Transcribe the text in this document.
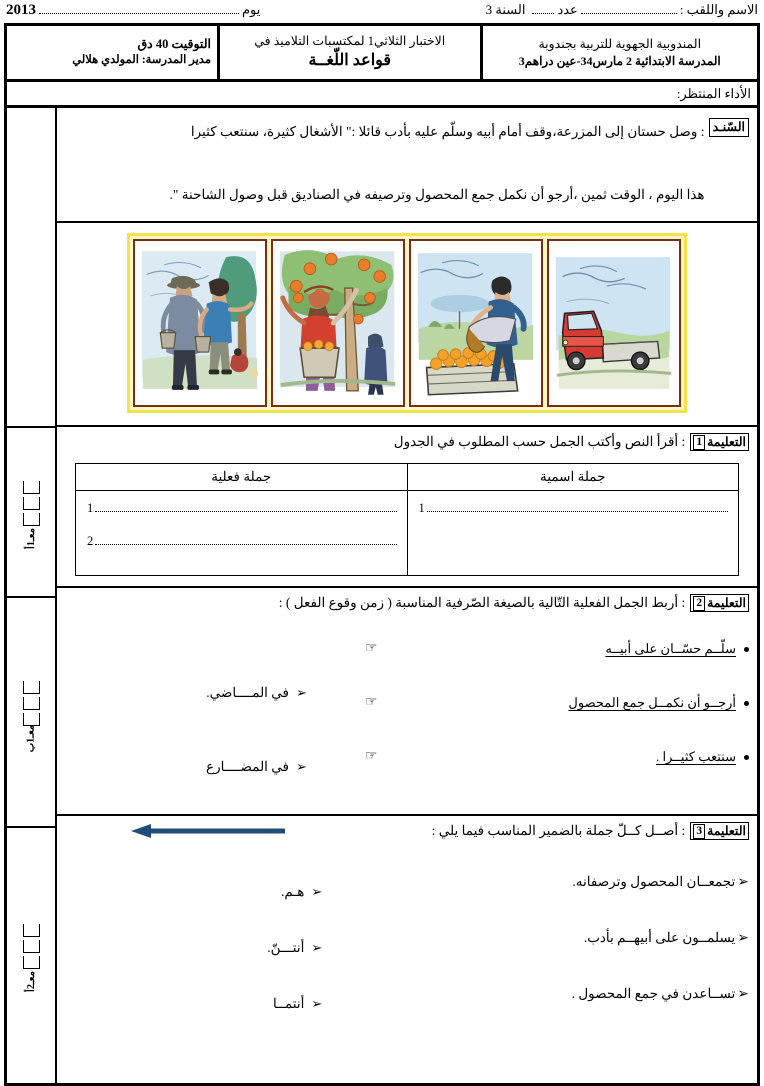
الاسم واللقب :
عدد
السنة 3
يوم
2013
المندوبية الجهوية للتربية بجندوبة
المدرسة الابتدائية 2 مارس34-عين دراهم3
الاختبار الثلاثي1 لمكتسبات التلاميذ في
قواعد اللّغــة
التوقيت 40 دق
مدير المدرسة: المولدي هلالي
الأداء المنتظر:
السّنـد
: وصل حستان إلى المزرعة،وقف أمام أبيه وسلّم عليه بأدب قائلا :" الأشغال كثيرة، سنتعب كثيرا

هذا اليوم ، الوقت ثمين ،أرجو أن نكمل جمع المحصول وترصيفه في الصناديق قبل وصول الشاحنة ".
التعليمة
1
: أقرأ النص وأكتب الجمل حسب المطلوب في الجدول
جملة اسمية	جملة فعلية

1	1
2
التعليمة
2
: أربط الجمل الفعلية التّالية بالصيغة الصّرفية المناسبة ( زمن وقوع الفعل ) :
سلّــم حسّــان على أبيــه
☞
أرجــو أن نكمــل جمع المحصول
☞
سنتعب كثيــرا .
☞
➢
في المــــاضي.
➢
في المضــــارع
التعليمة
3
: أصــل كــلّ جملة بالضمير المناسب فيما يلي :
➢
تجمعــان المحصول وترصفانه.
➢
يسلمــون على أبيهــم بأدب.
➢
تســاعدن في جمع المحصول .
➢
هـم.
➢
أنتـــنّ.
➢
أنتمــا
معـ1أ
معـ1ب
معـ2أ
